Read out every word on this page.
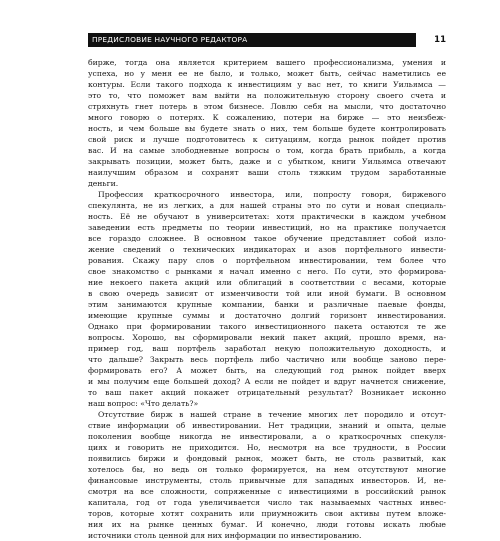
ПРЕДИСЛОВИЕ НАУЧНОГО РЕДАКТОРА	11
бирже, тогда она является критерием вашего профессионализма, умения и
успеха, но у меня ее не было, и только, может быть, сейчас наметились ее
контуры. Если такого подхода к инвестициям у вас нет, то книги Уильямса —
это то, что поможет вам выйти на положительную сторону своего счета и
стряхнуть гнет потерь в этом бизнесе. Ловлю себя на мысли, что достаточно
много говорю о потерях. К сожалению, потери на бирже — это неизбеж-
ность, и чем больше вы будете знать о них, тем больше будете контролировать
свой риск и лучше подготовитесь к ситуациям, когда рынок пойдет против
вас. И на самые злободневные вопросы о том, когда брать прибыль, а когда
закрывать позиции, может быть, даже и с убытком, книги Уильямса отвечают
наилучшим образом и сохранят ваши столь тяжким трудом заработанные
деньги.
Профессия краткосрочного инвестора, или, попросту говоря, биржевого
спекулянта, не из легких, а для нашей страны это по сути и новая специаль-
ность. Её не обучают в университетах: хотя практически в каждом учебном
заведении есть предметы по теории инвестиций, но на практике получается
все гораздо сложнее. В основном такое обучение представляет собой изло-
жение сведений о технических индикаторах и азов портфельного инвести-
рования. Скажу пару слов о портфельном инвестировании, тем более что
свое знакомство с рынками я начал именно с него. По сути, это формирова-
ние некоего пакета акций или облигаций в соответствии с весами, которые
в свою очередь зависят от изменчивости той или иной бумаги. В основном
этим занимаются крупные компании, банки и различные паевые фонды,
имеющие крупные суммы и достаточно долгий горизонт инвестирования.
Однако при формировании такого инвестиционного пакета остаются те же
вопросы. Хорошо, вы сформировали некий пакет акций, прошло время, на-
пример год, ваш портфель заработал некую положительную доходность, и
что дальше? Закрыть весь портфель либо частично или вообще заново пере-
формировать его? А может быть, на следующий год рынок пойдет вверх
и мы получим еще большей доход? А если не пойдет и вдруг начнется снижение,
то ваш пакет акций покажет отрицательный результат? Возникает исконно
наш вопрос: «Что делать?»
Отсутствие бирж в нашей стране в течение многих лет породило и отсут-
ствие информации об инвестировании. Нет традиции, знаний и опыта, целые
поколения вообще никогда не инвестировали, а о краткосрочных спекуля-
циях и говорить не приходится. Но, несмотря на все трудности, в России
появились биржи и фондовый рынок, может быть, не столь развитый, как
хотелось бы, но ведь он только формируется, на нем отсутствуют многие
финансовые инструменты, столь привычные для западных инвесторов. И, не-
смотря на все сложности, сопряженные с инвестициями в российский рынок
капитала, год от года увеличивается число так называемых частных инвес-
торов, которые хотят сохранить или приумножить свои активы путем вложе-
ния их на рынке ценных бумаг. И конечно, люди готовы искать любые
источники столь ценной для них информации по инвестированию.
